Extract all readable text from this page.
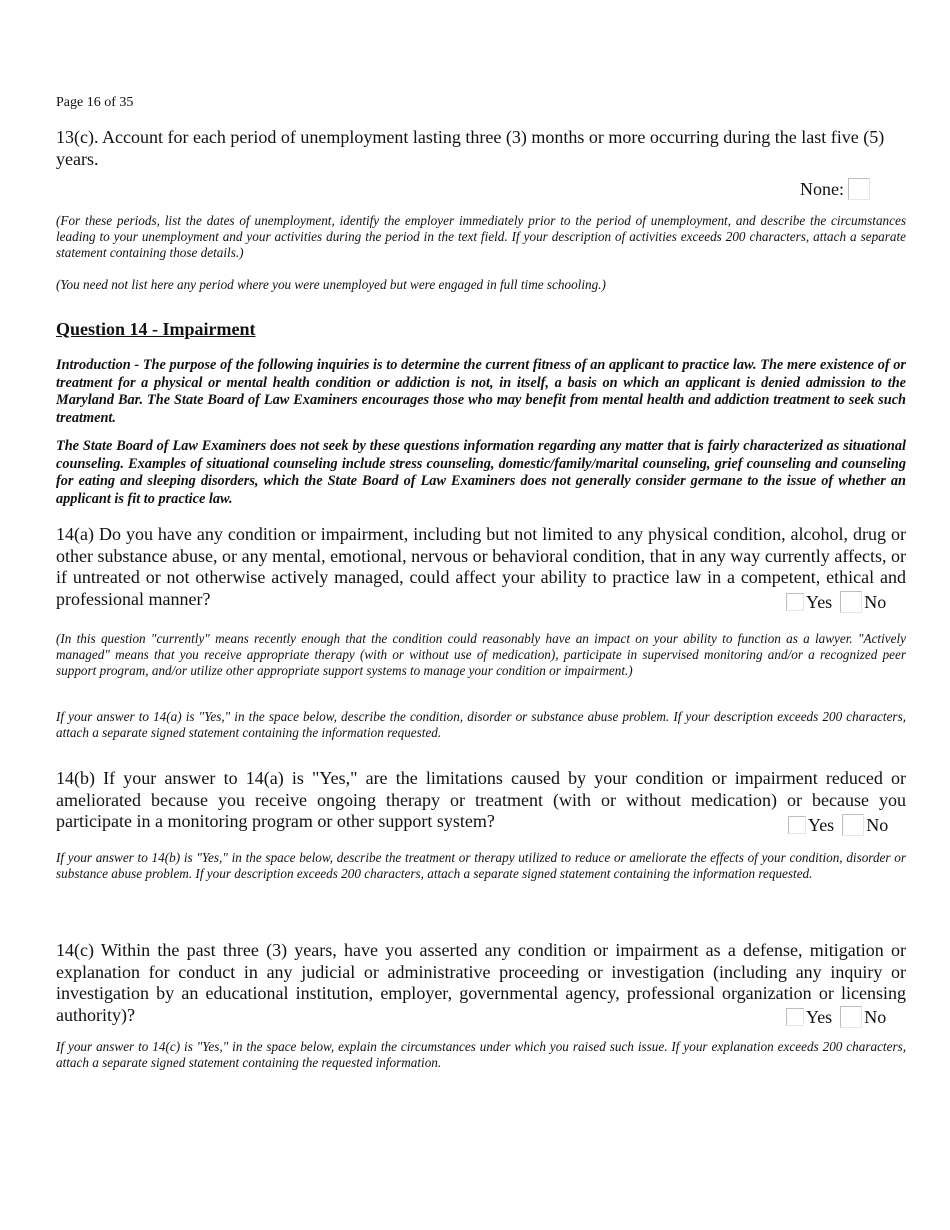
Page 16 of 35
13(c). Account for each period of unemployment lasting three (3) months or more occurring during the last five (5) years.
None:
(For these periods, list the dates of unemployment, identify the employer immediately prior to the period of unemployment, and describe the circumstances leading to your unemployment and your activities during the period in the text field. If your description of activities exceeds 200 characters, attach a separate statement containing those details.)
(You need not list here any period where you were unemployed but were engaged in full time schooling.)
Question 14 - Impairment
Introduction - The purpose of the following inquiries is to determine the current fitness of an applicant to practice law. The mere existence of or treatment for a physical or mental health condition or addiction is not, in itself, a basis on which an applicant is denied admission to the Maryland Bar. The State Board of Law Examiners encourages those who may benefit from mental health and addiction treatment to seek such treatment.
The State Board of Law Examiners does not seek by these questions information regarding any matter that is fairly characterized as situational counseling. Examples of situational counseling include stress counseling, domestic/family/marital counseling, grief counseling and counseling for eating and sleeping disorders, which the State Board of Law Examiners does not generally consider germane to the issue of whether an applicant is fit to practice law.
14(a) Do you have any condition or impairment, including but not limited to any physical condition, alcohol, drug or other substance abuse, or any mental, emotional, nervous or behavioral condition, that in any way currently affects, or if untreated or not otherwise actively managed, could affect your ability to practice law in a competent, ethical and professional manner?	Yes No
(In this question "currently" means recently enough that the condition could reasonably have an impact on your ability to function as a lawyer. "Actively managed" means that you receive appropriate therapy (with or without use of medication), participate in supervised monitoring and/or a recognized peer support program, and/or utilize other appropriate support systems to manage your condition or impairment.)
If your answer to 14(a) is "Yes," in the space below, describe the condition, disorder or substance abuse problem. If your description exceeds 200 characters, attach a separate signed statement containing the information requested.
14(b) If your answer to 14(a) is "Yes," are the limitations caused by your condition or impairment reduced or ameliorated because you receive ongoing therapy or treatment (with or without medication) or because you participate in a monitoring program or other support system?	Yes No
If your answer to 14(b) is "Yes," in the space below, describe the treatment or therapy utilized to reduce or ameliorate the effects of your condition, disorder or substance abuse problem. If your description exceeds 200 characters, attach a separate signed statement containing the information requested.
14(c) Within the past three (3) years, have you asserted any condition or impairment as a defense, mitigation or explanation for conduct in any judicial or administrative proceeding or investigation (including any inquiry or investigation by an educational institution, employer, governmental agency, professional organization or licensing authority)?	Yes No
If your answer to 14(c) is "Yes," in the space below, explain the circumstances under which you raised such issue. If your explanation exceeds 200 characters, attach a separate signed statement containing the requested information.
